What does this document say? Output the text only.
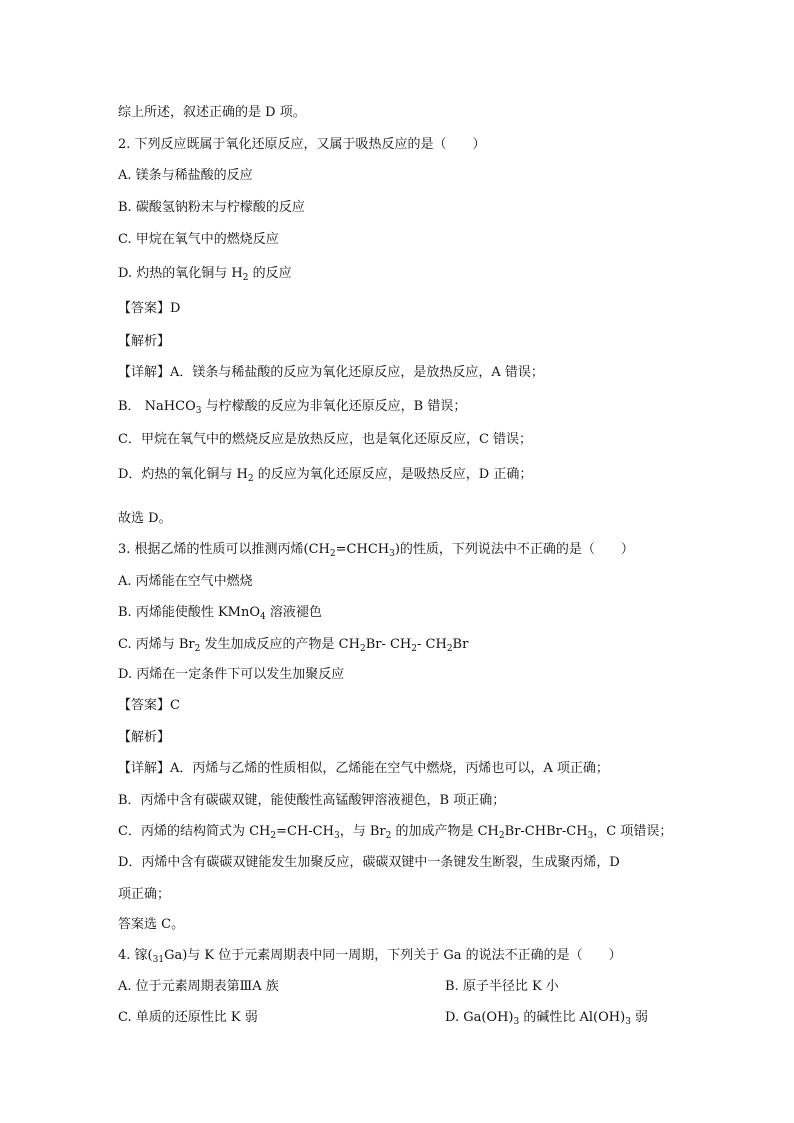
综上所述，叙述正确的是 D 项。
2. 下列反应既属于氧化还原反应，又属于吸热反应的是（　　）
A. 镁条与稀盐酸的反应
B. 碳酸氢钠粉末与柠檬酸的反应
C. 甲烷在氧气中的燃烧反应
D. 灼热的氧化铜与 $H_2$ 的反应
【答案】D
【解析】
【详解】A．镁条与稀盐酸的反应为氧化还原反应，是放热反应，A 错误；
B． NaHCO$_3$ 与柠檬酸的反应为非氧化还原反应，B 错误；
C．甲烷在氧气中的燃烧反应是放热反应，也是氧化还原反应，C 错误；
D．灼热的氧化铜与 $H_2$ 的反应为氧化还原反应，是吸热反应，D 正确；
故选 D。
3. 根据乙烯的性质可以推测丙烯$(CH_2=CHCH_3)$的性质，下列说法中不正确的是（　　）
A. 丙烯能在空气中燃烧
B. 丙烯能使酸性 KMnO$_4$ 溶液褪色
C. 丙烯与 $Br_2$ 发生加成反应的产物是 $CH_2Br-$ $CH_2-$ $CH_2Br$
D. 丙烯在一定条件下可以发生加聚反应
【答案】C
【解析】
【详解】A．丙烯与乙烯的性质相似，乙烯能在空气中燃烧，丙烯也可以，A 项正确；
B．丙烯中含有碳碳双键，能使酸性高锰酸钾溶液褪色，B 项正确；
C．丙烯的结构简式为 $CH_2=CH-CH_3$，与 $Br_2$ 的加成产物是 $CH_2Br-CHBr-CH_3$，C 项错误；
D．丙烯中含有碳碳双键能发生加聚反应，碳碳双键中一条键发生断裂，生成聚丙烯，D
项正确；
答案选 C。
4. 镓$(_{31}Ga)$与 K 位于元素周期表中同一周期，下列关于 Ga 的说法不正确的是（　　）
A. 位于元素周期表第ⅢA 族
C. 单质的还原性比 K 弱
B. 原子半径比 K 小
D. $Ga(OH)_3$ 的碱性比 $Al(OH)_3$ 弱
